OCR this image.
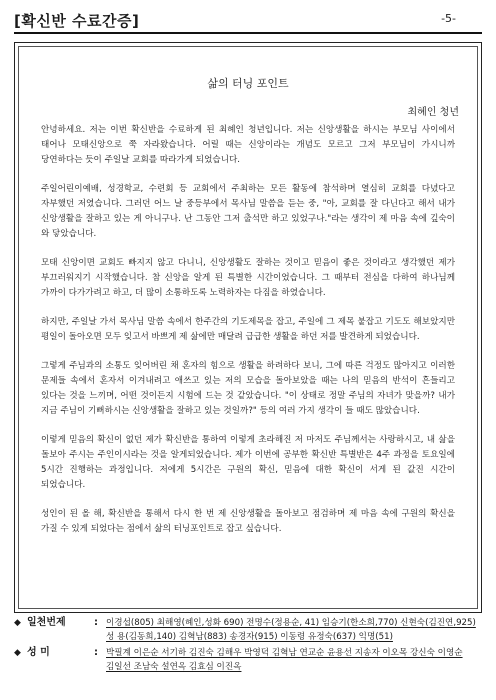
[확신반 수료간증]	-5-
삶의 터닝 포인트
최혜인 청년

안녕하세요. 저는 이번 확신반을 수료하게 된 최혜인 청년입니다. 저는 신앙생활을 하시는 부모님 사이에서 태어나 모태신앙으로 쭉 자라왔습니다. 어릴 때는 신앙이라는 개념도 모르고 그저 부모님이 가시니까 당연하다는 듯이 주일날 교회를 따라가게 되었습니다.

주일어린이예배, 성경학교, 수련회 등 교회에서 주최하는 모든 활동에 참석하며 열심히 교회를 다녔다고 자부했던 저였습니다. 그러던 어느 날 중등부에서 목사님 말씀을 듣는 중, "아, 교회를 잘 다닌다고 해서 내가 신앙생활을 잘하고 있는 게 아니구나. 난 그동안 그저 출석만 하고 있었구나."라는 생각이 제 마음 속에 깊숙이 와 닿았습니다.

모태 신앙이면 교회도 빠지지 않고 다니니, 신앙생활도 잘하는 것이고 믿음이 좋은 것이라고 생각했던 제가 부끄러워지기 시작했습니다. 참 신앙을 알게 된 특별한 시간이었습니다. 그 때부터 전심을 다하여 하나님께 가까이 다가가려고 하고, 더 많이 소통하도록 노력하자는 다짐을 하였습니다.

하지만, 주일날 가서 목사님 말씀 속에서 한주간의 기도제목을 잡고, 주일에 그 제목 붙잡고 기도도 해보았지만 평일이 돌아오면 모두 잊고서 바쁘게 제 삶에만 매달려 급급한 생활을 하던 저를 발견하게 되었습니다.

그렇게 주님과의 소통도 잊어버린 채 혼자의 힘으로 생활을 하려하다 보니, 그에 따른 걱정도 많아지고 이러한 문제들 속에서 혼자서 이겨내려고 애쓰고 있는 저의 모습을 돌아보았을 때는 나의 믿음의 반석이 흔들리고 있다는 것을 느끼며, 어떤 것이든지 시험에 드는 것 같았습니다. "이 상태로 정말 주님의 자녀가 맞을까? 내가 지금 주님이 기뻐하시는 신앙생활을 잘하고 있는 것일까?" 등의 여러 가지 생각이 들 때도 많았습니다.

이렇게 믿음의 확신이 없던 제가 확신반을 통하여 이렇게 초라해진 저 마저도 주님께서는 사랑하시고, 내 삶을 돌보아 주시는 주인이시라는 것을 알게되었습니다. 제가 이번에 공부한 확신반 특별반은 4주 과정을 토요일에 5시간 진행하는 과정입니다. 저에게 5시간은 구원의 확신, 믿음에 대한 확신이 서게 된 값진 시간이 되었습니다.

성인이 된 올 해, 확신반을 통해서 다시 한 번 제 신앙생활을 돌아보고 점검하며 제 마음 속에 구원의 확신을 가질 수 있게 되었다는 점에서 삶의 터닝포인트로 잡고 싶습니다.

◆ 일천번제	: 이경섭(805) 최해영(혜인,성화 690) 전명수(정용순, 41) 임승기(한소희,770) 신현숙(김진연,925) 성 용(김동희,140) 김혁남(883) 송경자(915) 이동령 유정숙(637) 익명(51)
◆ 성 미	: 박필계 이은순 서기하 김진숙 김해우 박영덕 김혁남 연교순 윤용선 지송자 이오목 강신숙 이영순 김일선 조남숙 설연옥 김효심 이진옥
